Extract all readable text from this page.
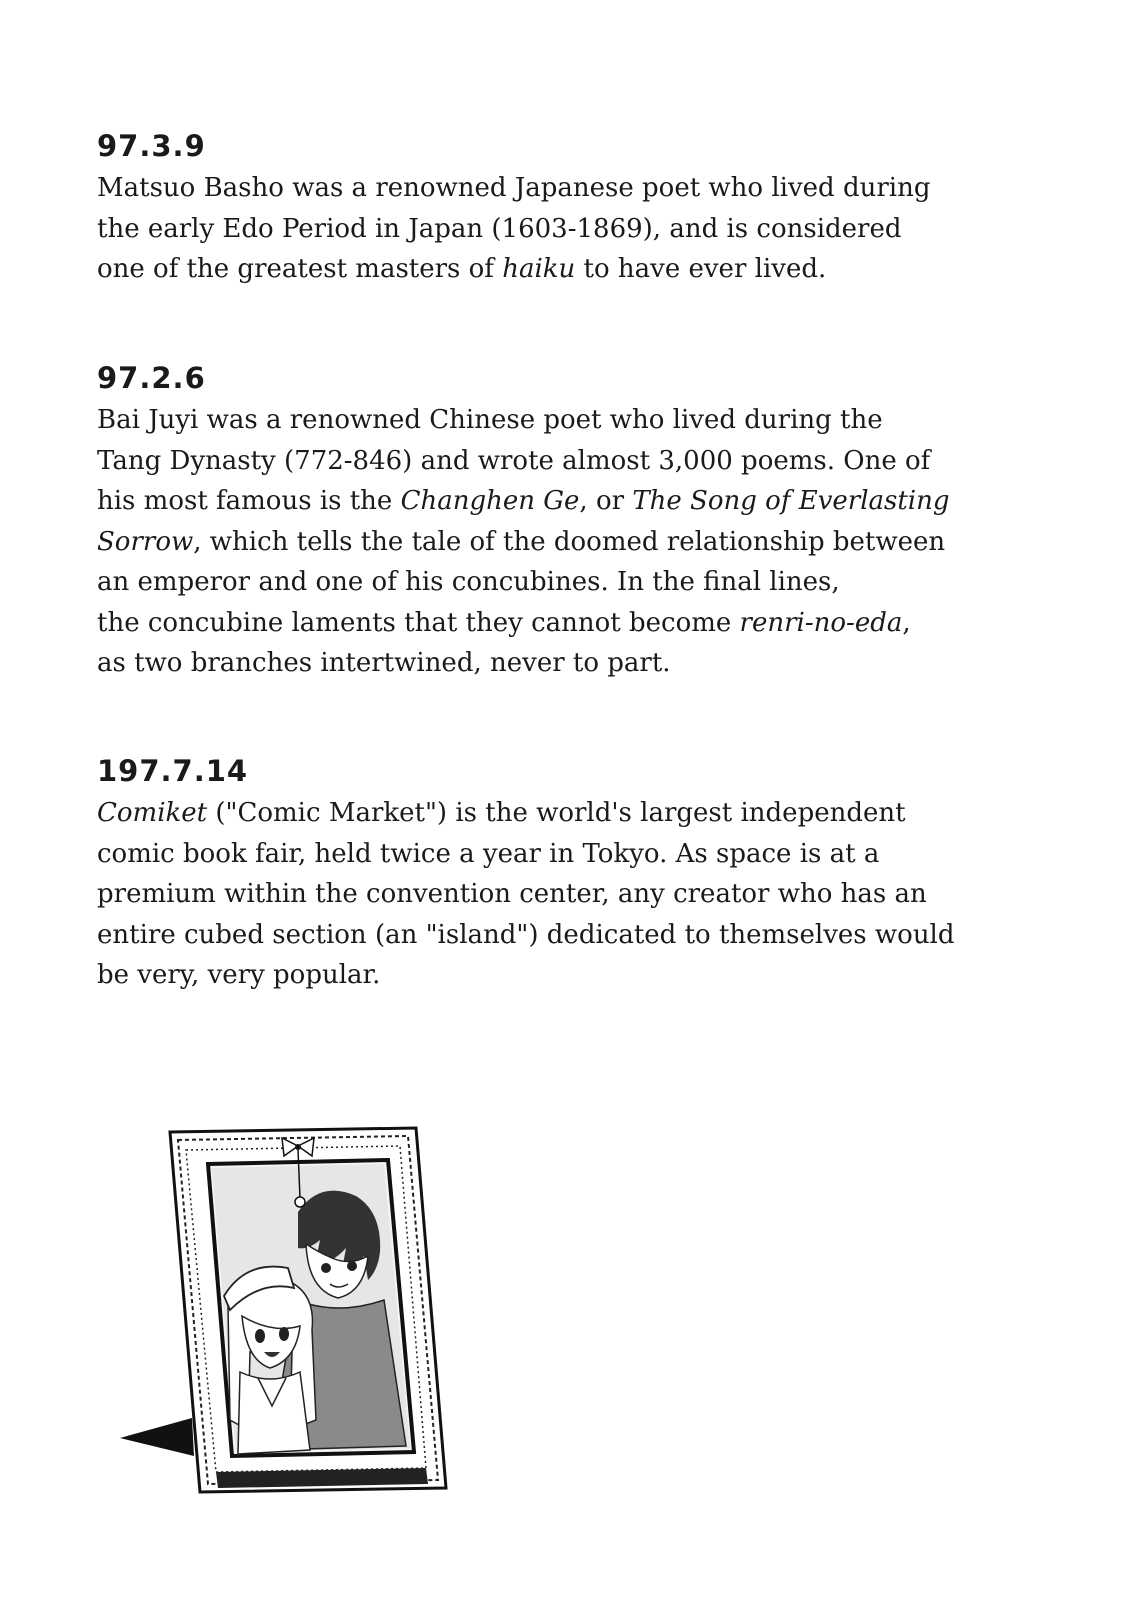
97.3.9

Matsuo Basho was a renowned Japanese poet who lived during
the early Edo Period in Japan (1603-1869), and is considered
one of the greatest masters of haiku to have ever lived.

97.2.6

Bai Juyi was a renowned Chinese poet who lived during the
Tang Dynasty (772-846) and wrote almost 3,000 poems. One of
his most famous is the Changhen Ge, or The Song of Everlasting
Sorrow, which tells the tale of the doomed relationship between
an emperor and one of his concubines. In the final lines,
the concubine laments that they cannot become renri-no-eda,
as two branches intertwined, never to part.

197.7.14

Comiket ("Comic Market") is the world's largest independent
comic book fair, held twice a year in Tokyo. As space is at a
premium within the convention center, any creator who has an
entire cubed section (an "island") dedicated to themselves would
be very, very popular.
